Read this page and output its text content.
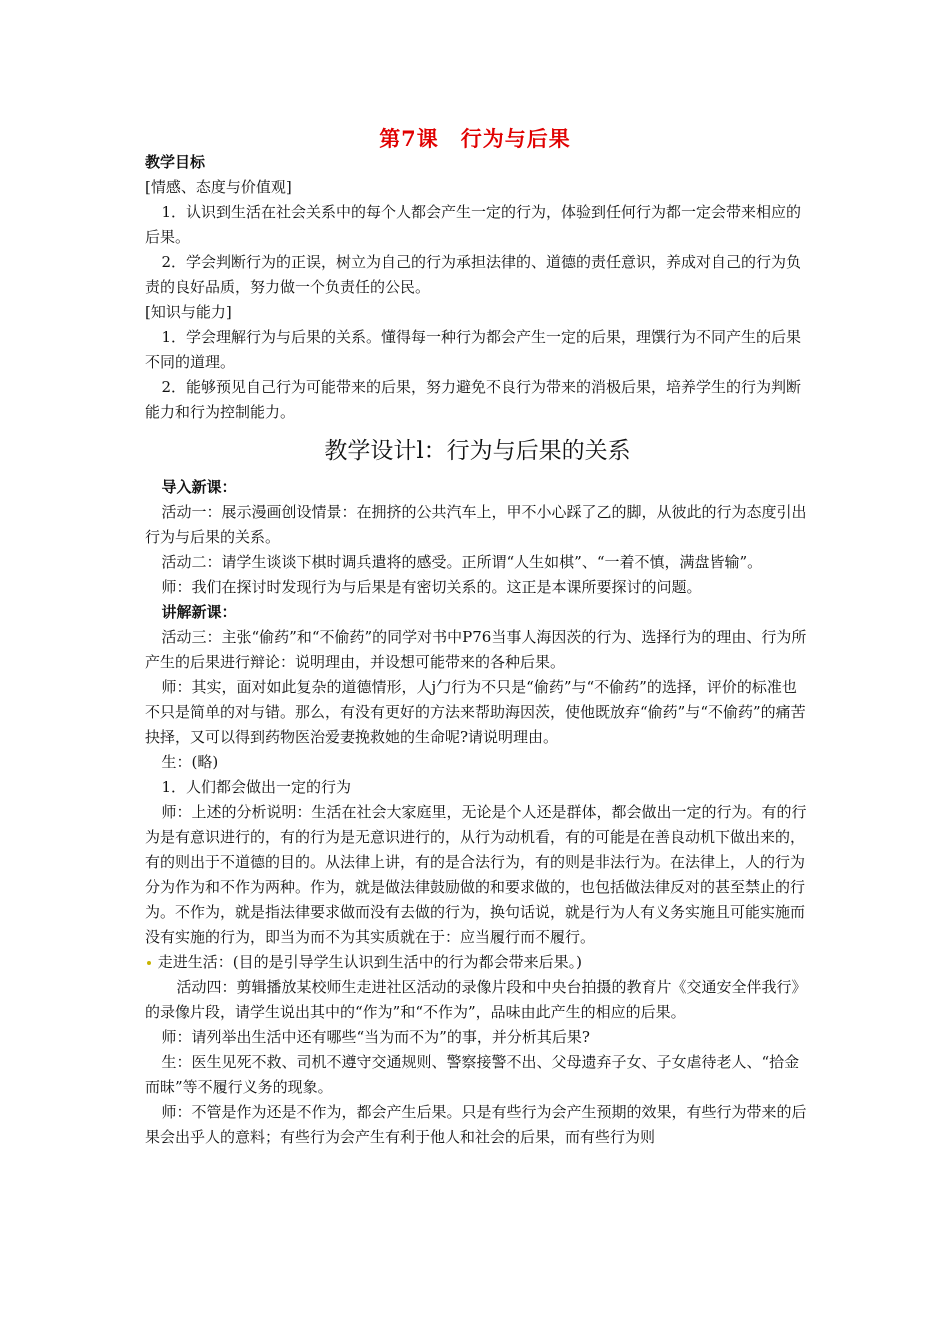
第7课　行为与后果

教学目标

[情感、态度与价值观]

1．认识到生活在社会关系中的每个人都会产生一定的行为，体验到任何行为都一定会带来相应的后果。

2．学会判断行为的正误，树立为自己的行为承担法律的、道德的责任意识，养成对自己的行为负责的良好品质，努力做一个负责任的公民。

[知识与能力]

1．学会理解行为与后果的关系。懂得每一种行为都会产生一定的后果，理馔行为不同产生的后果不同的道理。

2．能够预见自己行为可能带来的后果，努力避免不良行为带来的消极后果，培养学生的行为判断能力和行为控制能力。

教学设计l：行为与后果的关系

导入新课：

活动一：展示漫画创设情景：在拥挤的公共汽车上，甲不小心踩了乙的脚，从彼此的行为态度引出行为与后果的关系。

活动二：请学生谈谈下棋时调兵遣将的感受。正所谓“人生如棋”、“一着不慎，满盘皆输”。

师：我们在探讨时发现行为与后果是有密切关系的。这正是本课所要探讨的问题。

讲解新课：

活动三：主张“偷药”和“不偷药”的同学对书中P76当事人海因茨的行为、选择行为的理由、行为所产生的后果进行辩论：说明理由，并设想可能带来的各种后果。

师：其实，面对如此复杂的道德情形，人j勹行为不只是“偷药”与“不偷药”的选择，评价的标准也不只是简单的对与错。那么，有没有更好的方法来帮助海因茨，使他既放弃“偷药”与“不偷药”的痛苦抉择，又可以得到药物医治爱妻挽救她的生命呢?请说明理由。

生：(略)

1．人们都会做出一定的行为

师：上述的分析说明：生活在社会大家庭里，无论是个人还是群体，都会做出一定的行为。有的行为是有意识进行的，有的行为是无意识进行的，从行为动机看，有的可能是在善良动机下做出来的，有的则出于不道德的目的。从法律上讲，有的是合法行为，有的则是非法行为。在法律上，人的行为分为作为和不作为两种。作为，就是做法律鼓励做的和要求做的，也包括做法律反对的甚至禁止的行为。不作为，就是指法律要求做而没有去做的行为，换句话说，就是行为人有义务实施且可能实施而没有实施的行为，即当为而不为其实质就在于：应当履行而不履行。

走进生活：(目的是引导学生认识到生活中的行为都会带来后果。)

活动四：剪辑播放某校师生走进社区活动的录像片段和中央台拍摄的教育片《交通安全伴我行》的录像片段，请学生说出其中的“作为”和“不作为”，品味由此产生的相应的后果。

师：请列举出生活中还有哪些“当为而不为”的事，并分析其后果?

生：医生见死不救、司机不遵守交通规则、警察接警不出、父母遗弃子女、子女虐待老人、“拾金而昧”等不履行义务的现象。

师：不管是作为还是不作为，都会产生后果。只是有些行为会产生预期的效果，有些行为带来的后果会出乎人的意料；有些行为会产生有利于他人和社会的后果，而有些行为则
